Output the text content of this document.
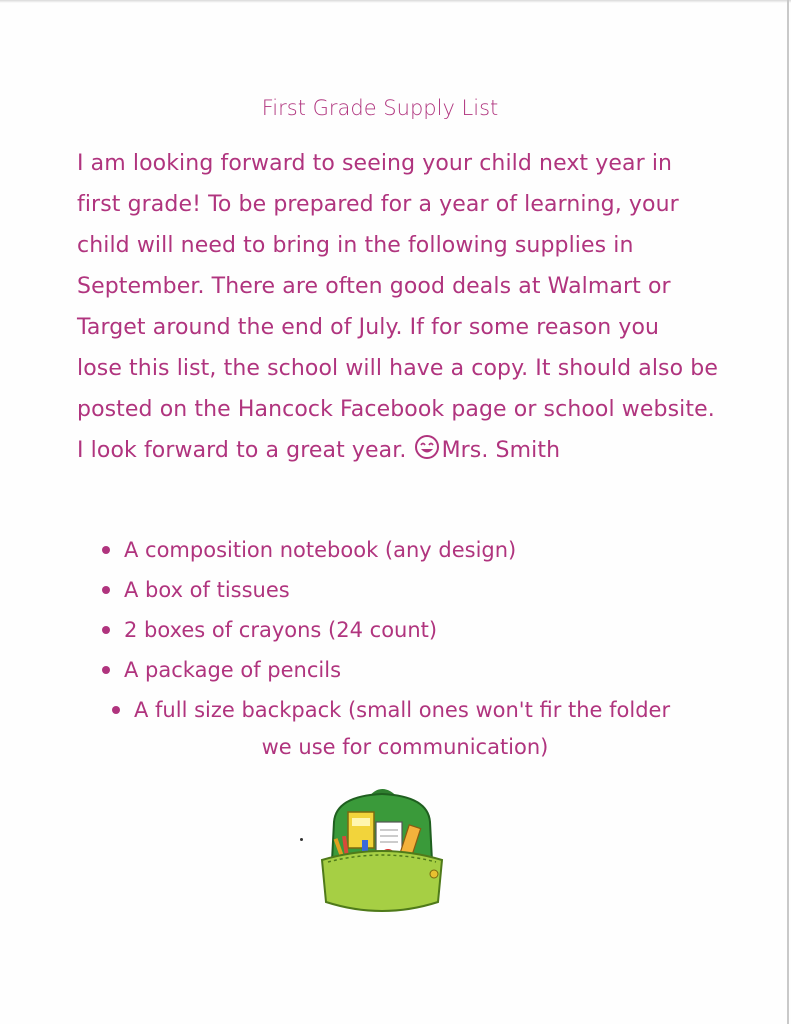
First Grade Supply List
I am looking forward to seeing your child next year in
first grade! To be prepared for a year of learning, your
child will need to bring in the following supplies in
September. There are often good deals at Walmart or
Target around the end of July. If for some reason you
lose this list, the school will have a copy. It should also be
posted on the Hancock Facebook page or school website.
I look forward to a great year. Mrs. Smith
A composition notebook (any design)
A box of tissues
2 boxes of crayons (24 count)
A package of pencils
A full size backpack (small ones won't fir the folder
we use for communication)
